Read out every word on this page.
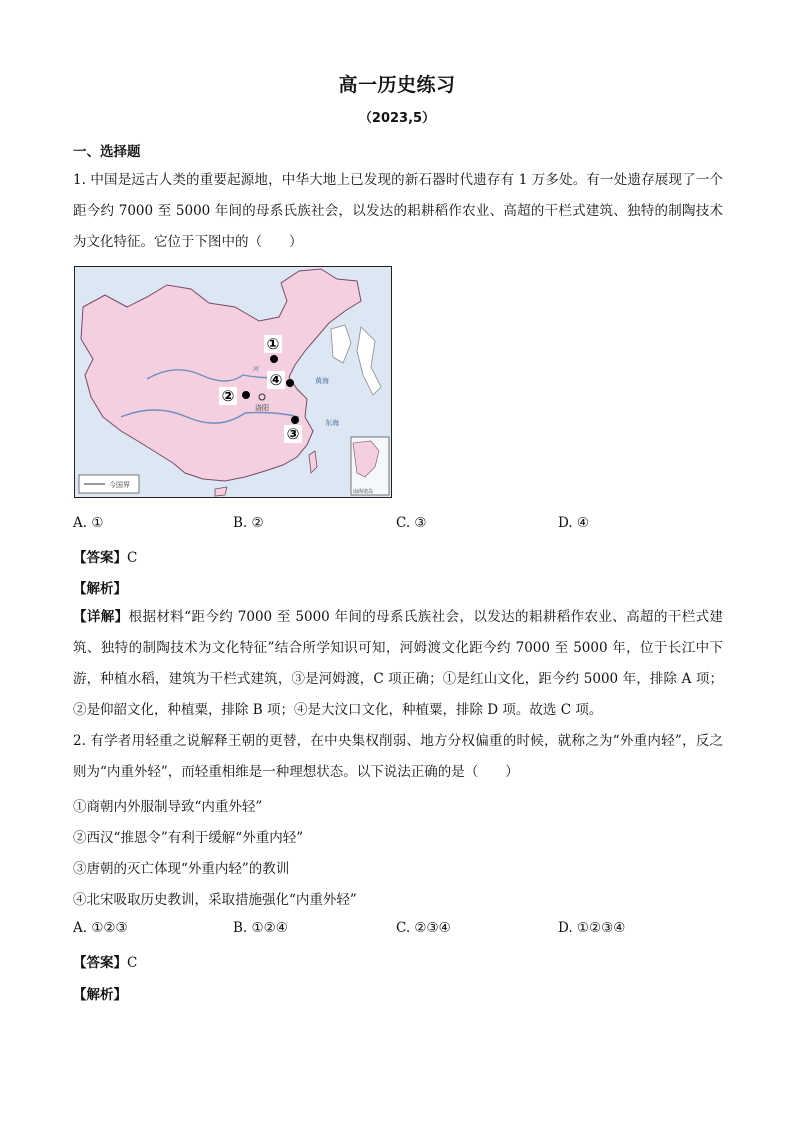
高一历史练习
（2023,5）
一、选择题
1. 中国是远古人类的重要起源地，中华大地上已发现的新石器时代遗存有 1 万多处。有一处遗存展现了一个距今约 7000 至 5000 年间的母系氏族社会，以发达的耜耕稻作农业、高超的干栏式建筑、独特的制陶技术为文化特征。它位于下图中的（　　）
①
②
③
④
洛阳
河
黄海
东海
今国界
南海诸岛
A. ①	B. ②	C. ③	D. ④
【答案】C
【解析】
【详解】根据材料“距今约 7000 至 5000 年间的母系氏族社会，以发达的耜耕稻作农业、高超的干栏式建筑、独特的制陶技术为文化特征”结合所学知识可知，河姆渡文化距今约 7000 至 5000 年，位于长江中下游，种植水稻，建筑为干栏式建筑，③是河姆渡，C 项正确；①是红山文化，距今约 5000 年，排除 A 项；②是仰韶文化，种植粟，排除 B 项；④是大汶口文化，种植粟，排除 D 项。故选 C 项。
2. 有学者用轻重之说解释王朝的更替，在中央集权削弱、地方分权偏重的时候，就称之为“外重内轻”，反之则为“内重外轻”，而轻重相维是一种理想状态。以下说法正确的是（　　）
①商朝内外服制导致“内重外轻”
②西汉“推恩令”有利于缓解“外重内轻”
③唐朝的灭亡体现“外重内轻”的教训
④北宋吸取历史教训，采取措施强化“内重外轻”
A. ①②③	B. ①②④	C. ②③④	D. ①②③④
【答案】C
【解析】
